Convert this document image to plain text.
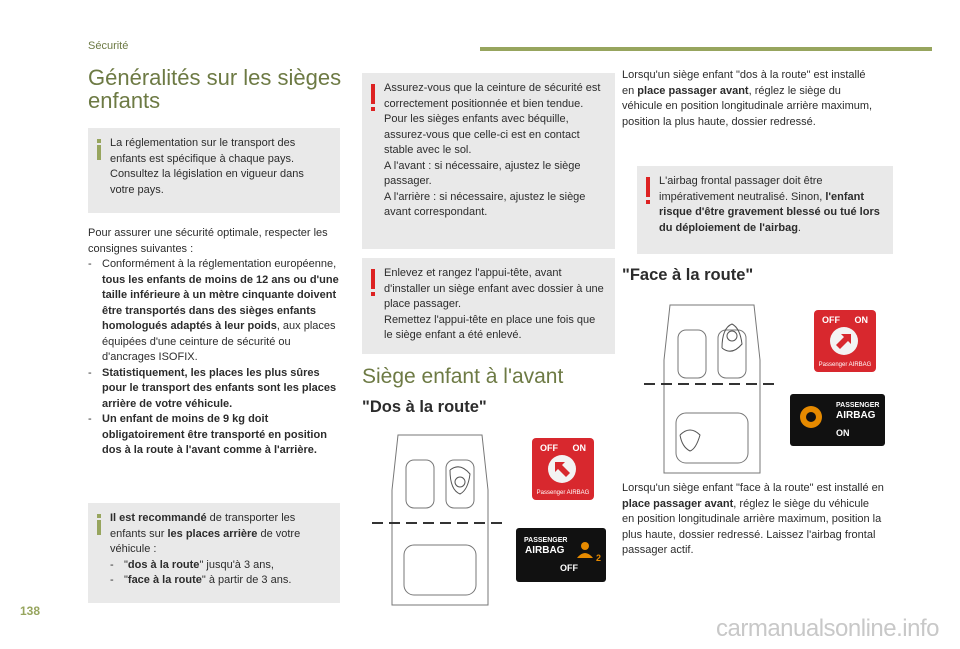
Sécurité
Généralités sur les sièges enfants
La réglementation sur le transport des enfants est spécifique à chaque pays. Consultez la législation en vigueur dans votre pays.
Pour assurer une sécurité optimale, respecter les consignes suivantes :
- Conformément à la réglementation européenne, tous les enfants de moins de 12 ans ou d'une taille inférieure à un mètre cinquante doivent être transportés dans des sièges enfants homologués adaptés à leur poids, aux places équipées d'une ceinture de sécurité ou d'ancrages ISOFIX.
- Statistiquement, les places les plus sûres pour le transport des enfants sont les places arrière de votre véhicule.
- Un enfant de moins de 9 kg doit obligatoirement être transporté en position dos à la route à l'avant comme à l'arrière.
Il est recommandé de transporter les enfants sur les places arrière de votre véhicule :
- "dos à la route" jusqu'à 3 ans,
- "face à la route" à partir de 3 ans.
Assurez-vous que la ceinture de sécurité est correctement positionnée et bien tendue.
Pour les sièges enfants avec béquille, assurez-vous que celle-ci est en contact stable avec le sol.
A l'avant : si nécessaire, ajustez le siège passager.
A l'arrière : si nécessaire, ajustez le siège avant correspondant.
Enlevez et rangez l'appui-tête, avant d'installer un siège enfant avec dossier à une place passager.
Remettez l'appui-tête en place une fois que le siège enfant a été enlevé.
Siège enfant à l'avant
"Dos à la route"
OFF ON
Passenger AIRBAG
PASSENGER
AIRBAG
OFF
2
Lorsqu'un siège enfant "dos à la route" est installé en place passager avant, réglez le siège du véhicule en position longitudinale arrière maximum, position la plus haute, dossier redressé.
L'airbag frontal passager doit être impérativement neutralisé. Sinon, l'enfant risque d'être gravement blessé ou tué lors du déploiement de l'airbag.
"Face à la route"
OFF ON
Passenger AIRBAG
PASSENGER
AIRBAG
ON
Lorsqu'un siège enfant "face à la route" est installé en place passager avant, réglez le siège du véhicule en position longitudinale arrière maximum, position la plus haute, dossier redressé. Laissez l'airbag frontal passager actif.
138
carmanualsonline.info
